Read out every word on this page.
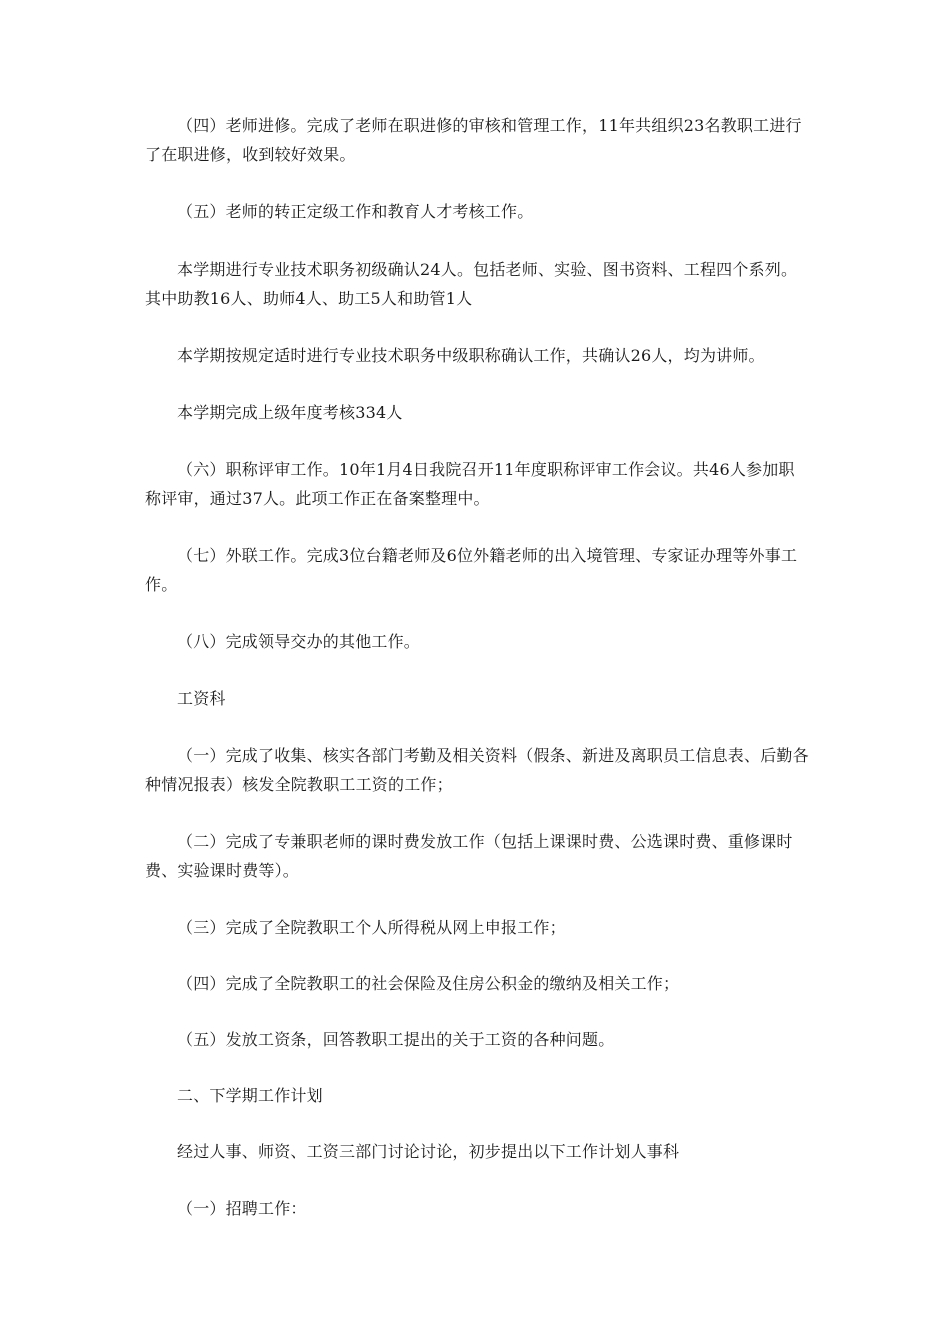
（四）老师进修。完成了老师在职进修的审核和管理工作，11年共组织23名教职工进行了在职进修，收到较好效果。

（五）老师的转正定级工作和教育人才考核工作。

本学期进行专业技术职务初级确认24人。包括老师、实验、图书资料、工程四个系列。其中助教16人、助师4人、助工5人和助管1人

本学期按规定适时进行专业技术职务中级职称确认工作，共确认26人，均为讲师。

本学期完成上级年度考核334人

（六）职称评审工作。10年1月4日我院召开11年度职称评审工作会议。共46人参加职称评审，通过37人。此项工作正在备案整理中。

（七）外联工作。完成3位台籍老师及6位外籍老师的出入境管理、专家证办理等外事工作。

（八）完成领导交办的其他工作。

工资科

（一）完成了收集、核实各部门考勤及相关资料（假条、新进及离职员工信息表、后勤各种情况报表）核发全院教职工工资的工作；

（二）完成了专兼职老师的课时费发放工作（包括上课课时费、公选课时费、重修课时费、实验课时费等）。

（三）完成了全院教职工个人所得税从网上申报工作；

（四）完成了全院教职工的社会保险及住房公积金的缴纳及相关工作；

（五）发放工资条，回答教职工提出的关于工资的各种问题。

二、下学期工作计划

经过人事、师资、工资三部门讨论讨论，初步提出以下工作计划人事科

（一）招聘工作：
